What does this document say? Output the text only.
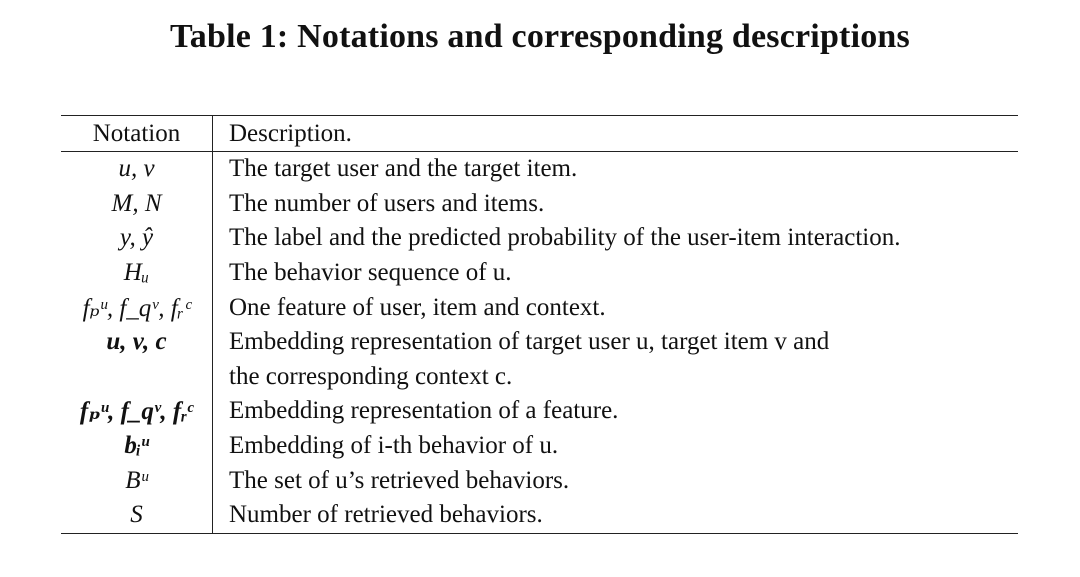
Table 1: Notations and corresponding descriptions
Notation	Description.
u, v	The target user and the target item.
M, N	The number of users and items.
y, ŷ	The label and the predicted probability of the user-item interaction.
Hᵤ	The behavior sequence of u.
fₚᵘ, f_qᵛ, fᵣᶜ	One feature of user, item and context.
u, v, c	Embedding representation of target user u, target item v and
the corresponding context c.
fₚᵘ, f_qᵛ, fᵣᶜ	Embedding representation of a feature.
bᵢᵘ	Embedding of i-th behavior of u.
Bᵘ	The set of u’s retrieved behaviors.
S	Number of retrieved behaviors.
